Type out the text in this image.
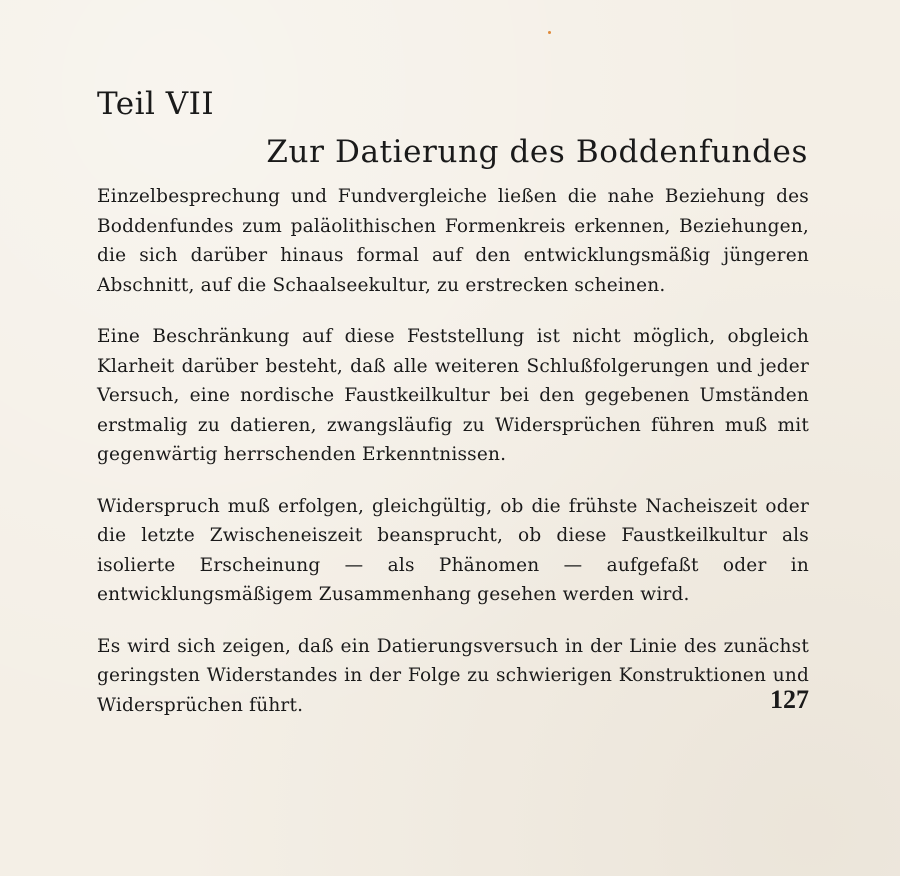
Teil VII
Zur Datierung des Boddenfundes

Einzelbesprechung und Fundvergleiche ließen die nahe Beziehung des Boddenfundes zum paläolithischen Formenkreis erkennen, Beziehungen, die sich darüber hinaus formal auf den entwicklungsmäßig jüngeren Abschnitt, auf die Schaalseekultur, zu erstrecken scheinen.

Eine Beschränkung auf diese Feststellung ist nicht möglich, obgleich Klarheit darüber besteht, daß alle weiteren Schlußfolgerungen und jeder Versuch, eine nordische Faustkeilkultur bei den gegebenen Umständen erstmalig zu datieren, zwangsläufig zu Widersprüchen führen muß mit gegenwärtig herrschenden Erkenntnissen.

Widerspruch muß erfolgen, gleichgültig, ob die frühste Nacheiszeit oder die letzte Zwischeneiszeit beansprucht, ob diese Faustkeilkultur als isolierte Erscheinung — als Phänomen — aufgefaßt oder in entwicklungsmäßigem Zusammenhang gesehen werden wird.

Es wird sich zeigen, daß ein Datierungsversuch in der Linie des zunächst geringsten Widerstandes in der Folge zu schwierigen Konstruktionen und Widersprüchen führt.	127
